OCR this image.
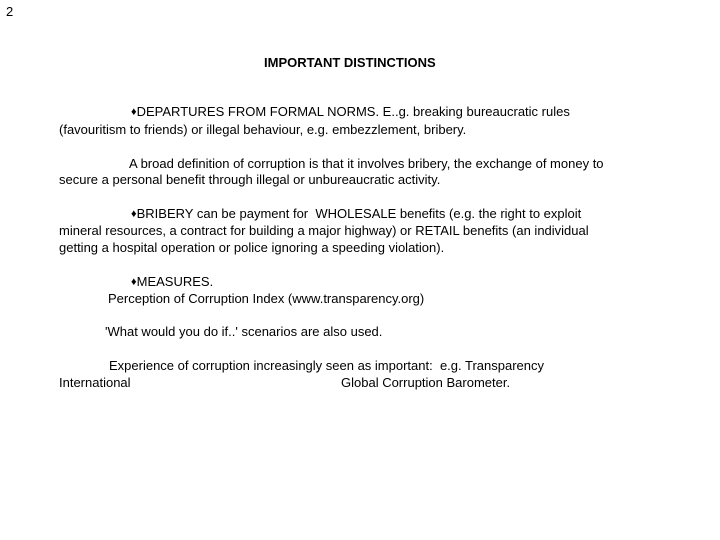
2
IMPORTANT DISTINCTIONS
♦DEPARTURES FROM FORMAL NORMS. E..g. breaking bureaucratic rules
(favouritism to friends) or illegal behaviour, e.g. embezzlement, bribery.
A broad definition of corruption is that it involves bribery, the exchange of money to
secure a personal benefit through illegal or unbureaucratic activity.
♦BRIBERY can be payment for  WHOLESALE benefits (e.g. the right to exploit
mineral resources, a contract for building a major highway) or RETAIL benefits (an individual
getting a hospital operation or police ignoring a speeding violation).
♦MEASURES.
Perception of Corruption Index (www.transparency.org)
'What would you do if..' scenarios are also used.
Experience of corruption increasingly seen as important:  e.g. Transparency
International	Global Corruption Barometer.
